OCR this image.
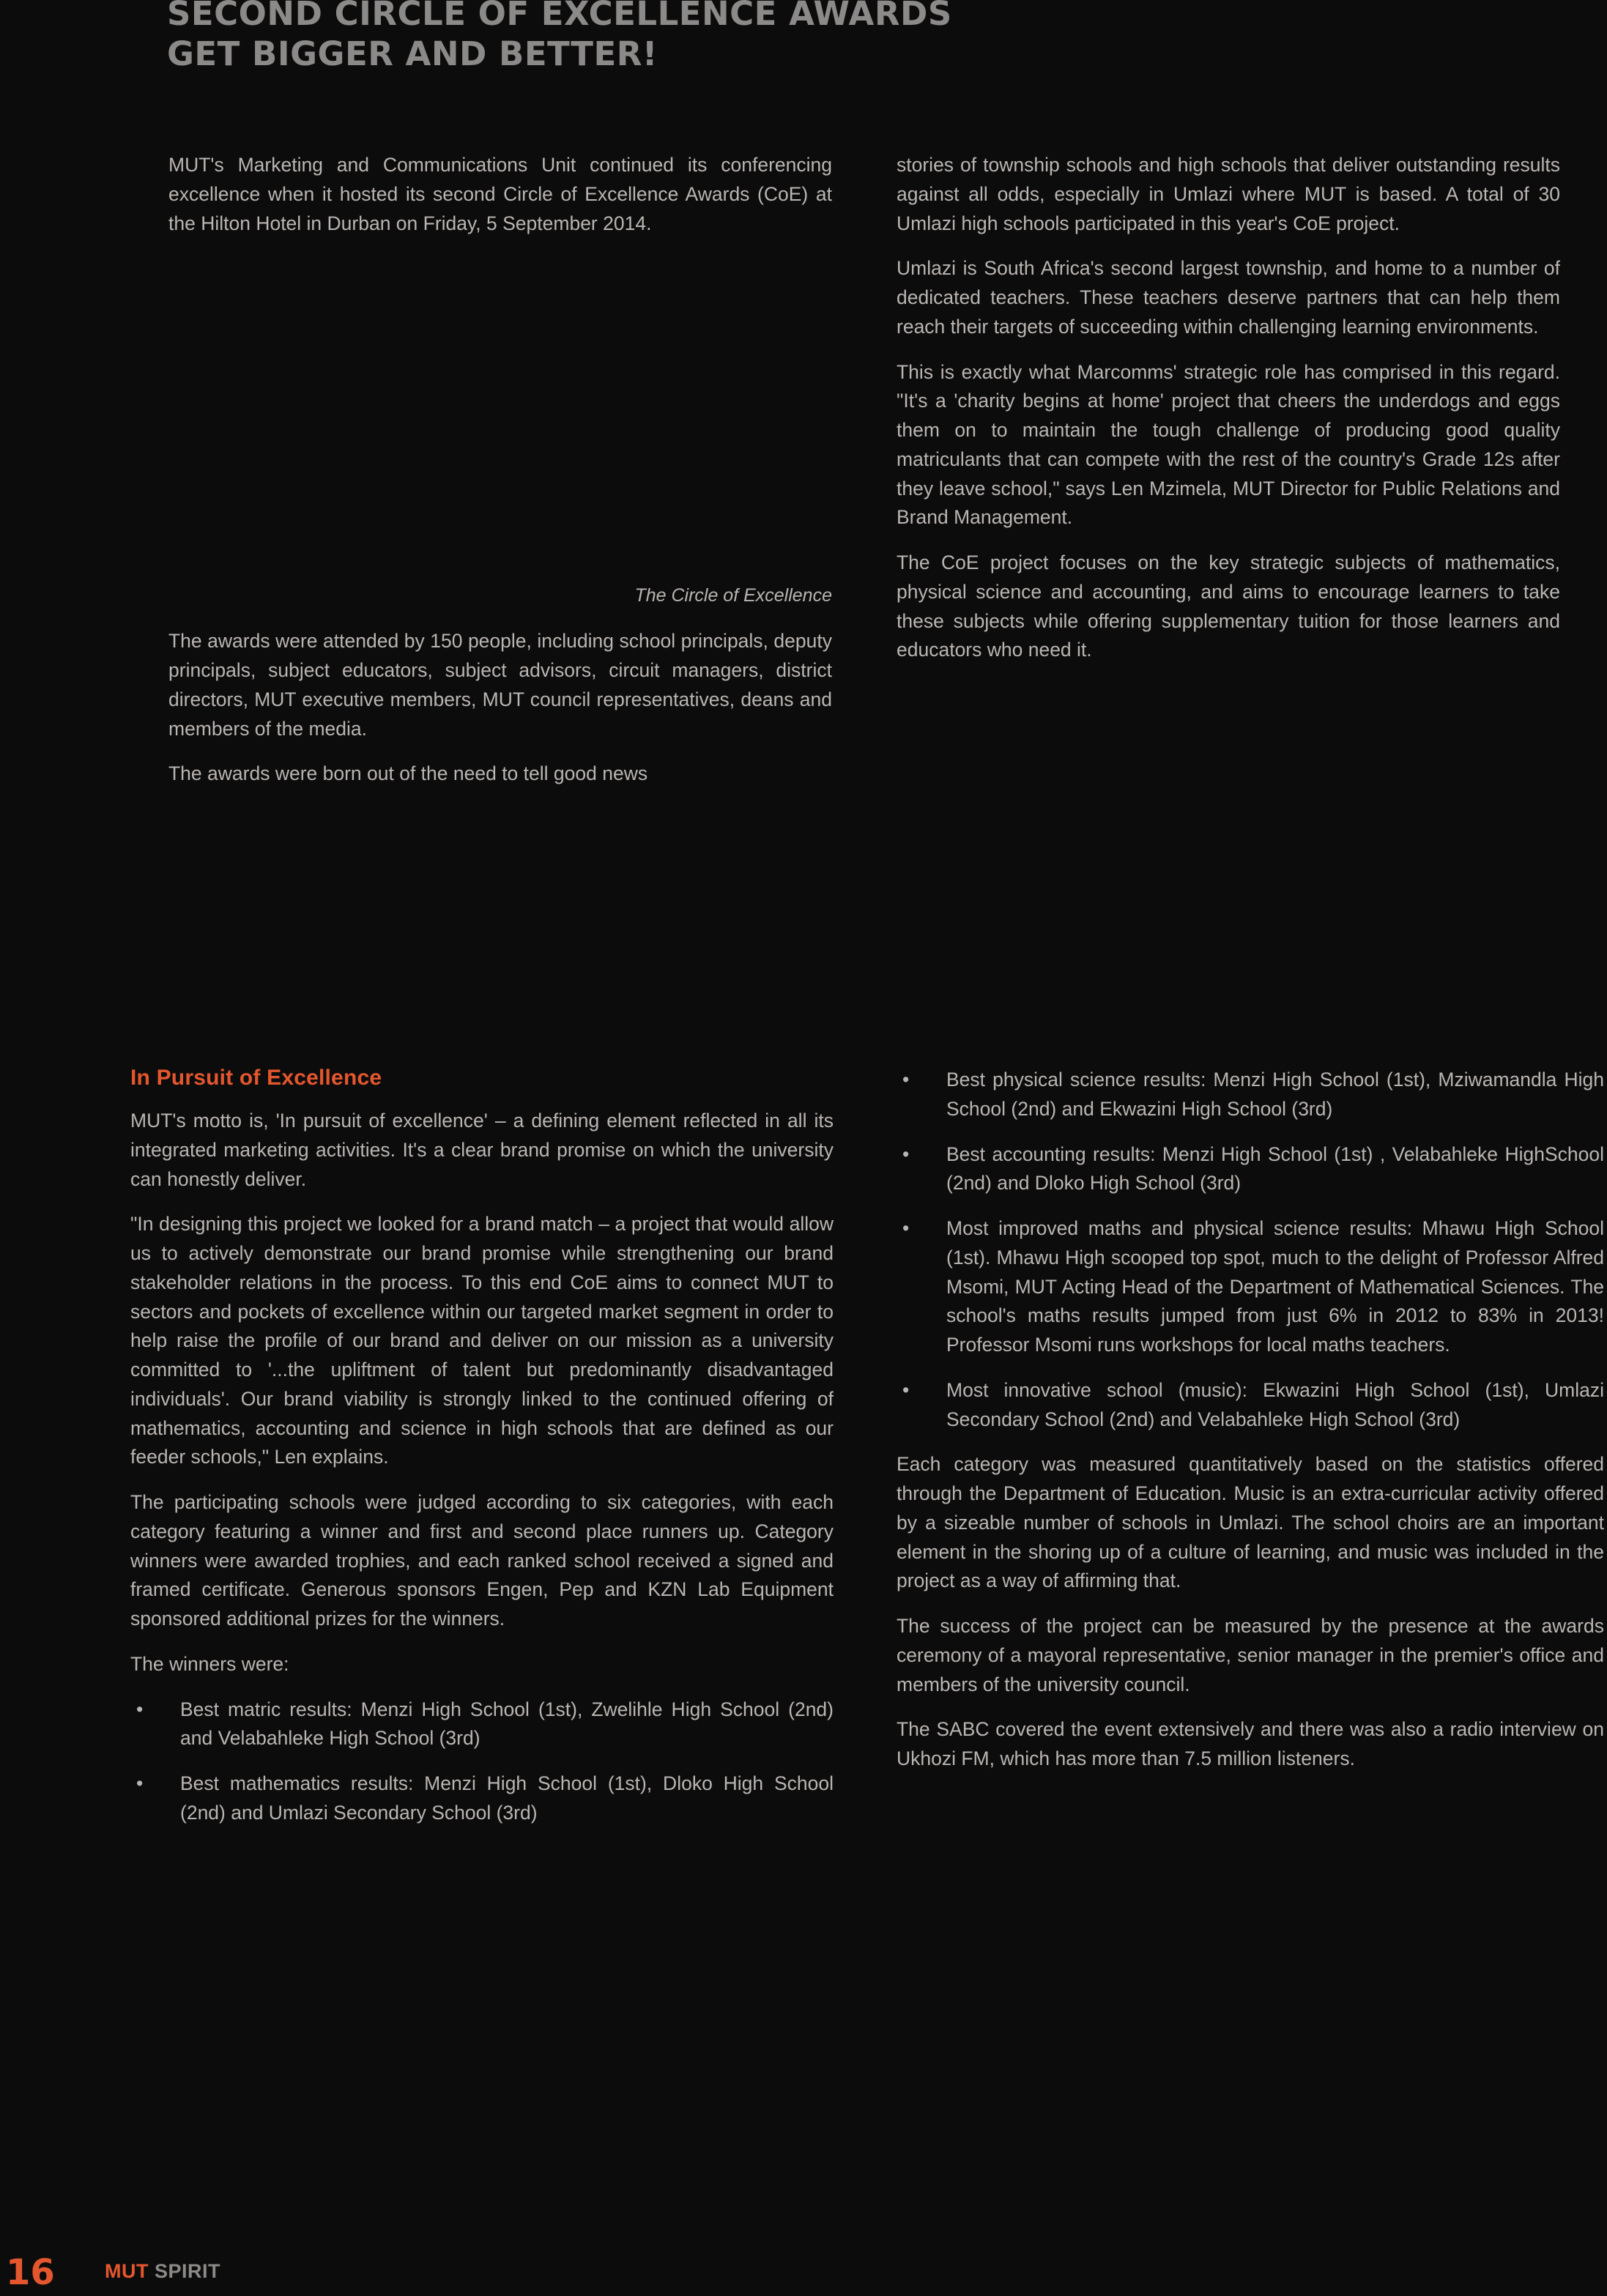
SECOND CIRCLE OF EXCELLENCE AWARDS
GET BIGGER AND BETTER!

MUT's Marketing and Communications Unit continued its conferencing excellence when it hosted its second Circle of Excellence Awards (CoE) at the Hilton Hotel in Durban on Friday, 5 September 2014.

The Circle of Excellence

The awards were attended by 150 people, including school principals, deputy principals, subject educators, subject advisors, circuit managers, district directors, MUT executive members, MUT council representatives, deans and members of the media.

The awards were born out of the need to tell good news

stories of township schools and high schools that deliver outstanding results against all odds, especially in Umlazi where MUT is based. A total of 30 Umlazi high schools participated in this year's CoE project.

Umlazi is South Africa's second largest township, and home to a number of dedicated teachers. These teachers deserve partners that can help them reach their targets of succeeding within challenging learning environments.

This is exactly what Marcomms' strategic role has comprised in this regard. "It's a 'charity begins at home' project that cheers the underdogs and eggs them on to maintain the tough challenge of producing good quality matriculants that can compete with the rest of the country's Grade 12s after they leave school," says Len Mzimela, MUT Director for Public Relations and Brand Management.

The CoE project focuses on the key strategic subjects of mathematics, physical science and accounting, and aims to encourage learners to take these subjects while offering supplementary tuition for those learners and educators who need it.

In Pursuit of Excellence

MUT's motto is, 'In pursuit of excellence' – a defining element reflected in all its integrated marketing activities. It's a clear brand promise on which the university can honestly deliver.

"In designing this project we looked for a brand match – a project that would allow us to actively demonstrate our brand promise while strengthening our brand stakeholder relations in the process. To this end CoE aims to connect MUT to sectors and pockets of excellence within our targeted market segment in order to help raise the profile of our brand and deliver on our mission as a university committed to '...the upliftment of talent but predominantly disadvantaged individuals'. Our brand viability is strongly linked to the continued offering of mathematics, accounting and science in high schools that are defined as our feeder schools," Len explains.

The participating schools were judged according to six categories, with each category featuring a winner and first and second place runners up. Category winners were awarded trophies, and each ranked school received a signed and framed certificate. Generous sponsors Engen, Pep and KZN Lab Equipment sponsored additional prizes for the winners.

The winners were:

• Best matric results: Menzi High School (1st), Zwelihle High School (2nd) and Velabahleke High School (3rd)
• Best mathematics results: Menzi High School (1st), Dloko High School (2nd) and Umlazi Secondary School (3rd)
• Best physical science results: Menzi High School (1st), Mziwamandla High School (2nd) and Ekwazini High School (3rd)
• Best accounting results: Menzi High School (1st) , Velabahleke HighSchool (2nd) and Dloko High School (3rd)
• Most improved maths and physical science results: Mhawu High School (1st). Mhawu High scooped top spot, much to the delight of Professor Alfred Msomi, MUT Acting Head of the Department of Mathematical Sciences. The school's maths results jumped from just 6% in 2012 to 83% in 2013! Professor Msomi runs workshops for local maths teachers.
• Most innovative school (music): Ekwazini High School (1st), Umlazi Secondary School (2nd) and Velabahleke High School (3rd)

Each category was measured quantitatively based on the statistics offered through the Department of Education. Music is an extra-curricular activity offered by a sizeable number of schools in Umlazi. The school choirs are an important element in the shoring up of a culture of learning, and music was included in the project as a way of affirming that.

The success of the project can be measured by the presence at the awards ceremony of a mayoral representative, senior manager in the premier's office and members of the university council.

The SABC covered the event extensively and there was also a radio interview on Ukhozi FM, which has more than 7.5 million listeners.

16	MUT SPIRIT
